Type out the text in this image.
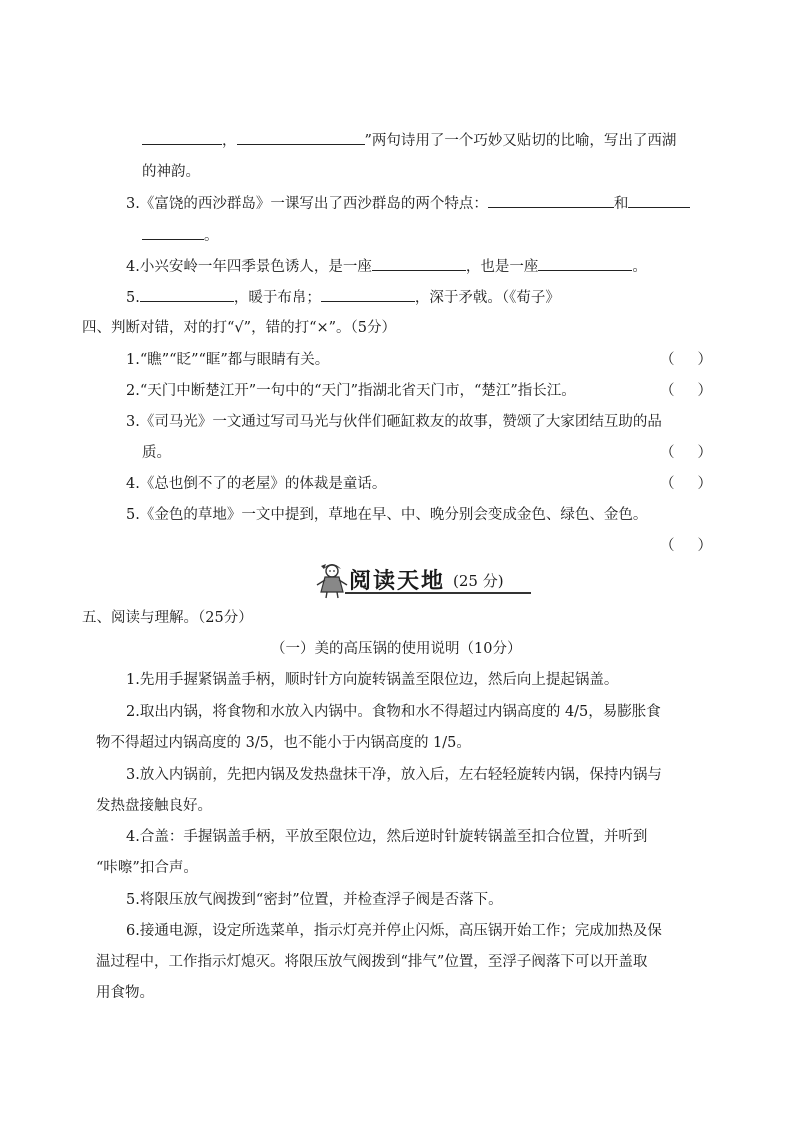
，	”两句诗用了一个巧妙又贴切的比喻，写出了西湖
的神韵。
3.《富饶的西沙群岛》一课写出了西沙群岛的两个特点：	和
。
4.小兴安岭一年四季景色诱人，是一座	，也是一座	。
5.	，暖于布帛；	，深于矛戟。（《荀子》
四、判断对错，对的打“√”，错的打“×”。（5分）
1.“瞧”“眨”“眶”都与眼睛有关。	（     ）
2.“天门中断楚江开”一句中的“天门”指湖北省天门市，“楚江”指长江。	（     ）
3.《司马光》一文通过写司马光与伙伴们砸缸救友的故事，赞颂了大家团结互助的品
质。	（     ）
4.《总也倒不了的老屋》的体裁是童话。	（     ）
5.《金色的草地》一文中提到，草地在早、中、晚分别会变成金色、绿色、金色。
（     ）
阅读天地 (25 分)
五、阅读与理解。（25分）
（一）美的高压锅的使用说明（10分）
1.先用手握紧锅盖手柄，顺时针方向旋转锅盖至限位边，然后向上提起锅盖。
2.取出内锅，将食物和水放入内锅中。食物和水不得超过内锅高度的 4/5，易膨胀食
物不得超过内锅高度的 3/5，也不能小于内锅高度的 1/5。
3.放入内锅前，先把内锅及发热盘抹干净，放入后，左右轻轻旋转内锅，保持内锅与
发热盘接触良好。
4.合盖：手握锅盖手柄，平放至限位边，然后逆时针旋转锅盖至扣合位置，并听到
“咔嚓”扣合声。
5.将限压放气阀拨到“密封”位置，并检查浮子阀是否落下。
6.接通电源，设定所选菜单，指示灯亮并停止闪烁，高压锅开始工作；完成加热及保
温过程中，工作指示灯熄灭。将限压放气阀拨到“排气”位置，至浮子阀落下可以开盖取
用食物。
